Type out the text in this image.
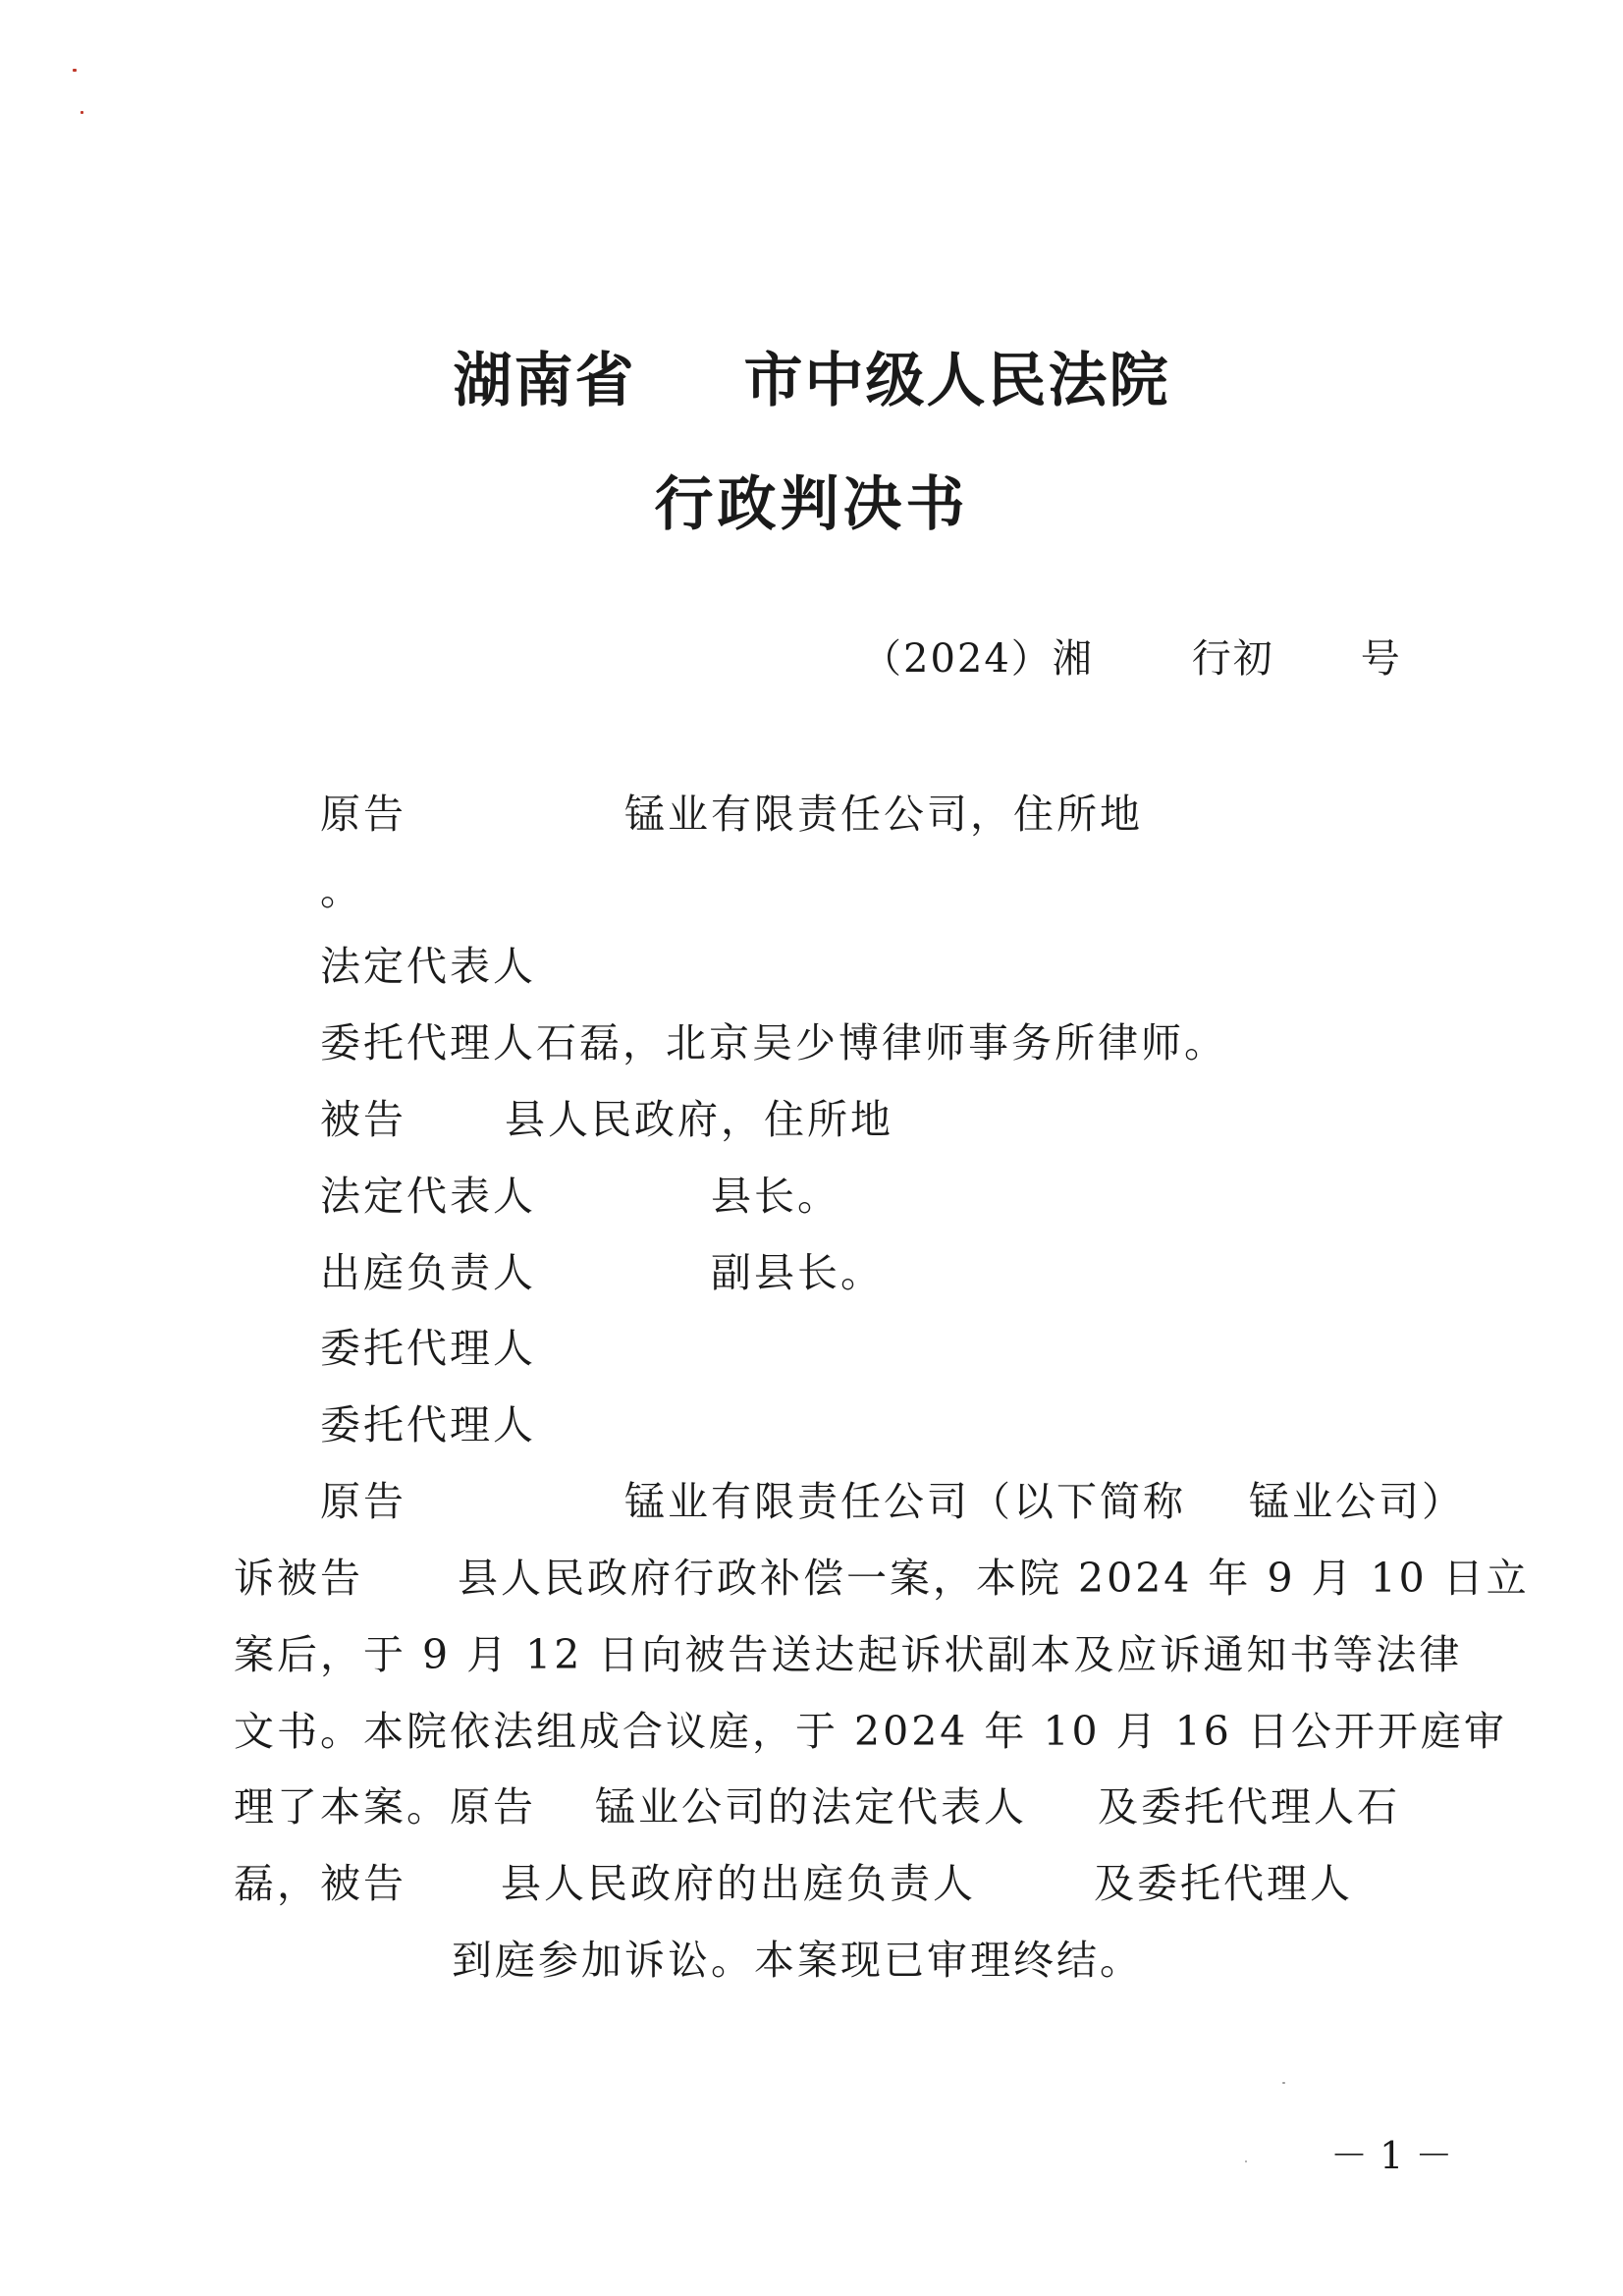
湖南省 市中级人民法院
行政判决书
（2024）湘	行初 号
原告	锰业有限责任公司，住所地
。
法定代表人
委托代理人石磊，北京吴少博律师事务所律师。
被告 县人民政府，住所地
法定代表人	县长。
出庭负责人	副县长。
委托代理人
委托代理人
原告	锰业有限责任公司（以下简称 锰业公司）
诉被告 县人民政府行政补偿一案，本院 2024 年 9 月 10 日立
案后，于 9 月 12 日向被告送达起诉状副本及应诉通知书等法律
文书。本院依法组成合议庭，于 2024 年 10 月 16 日公开开庭审
理了本案。原告 锰业公司的法定代表人 及委托代理人石
磊，被告 县人民政府的出庭负责人	及委托代理人
到庭参加诉讼。本案现已审理终结。
－ 1 －
